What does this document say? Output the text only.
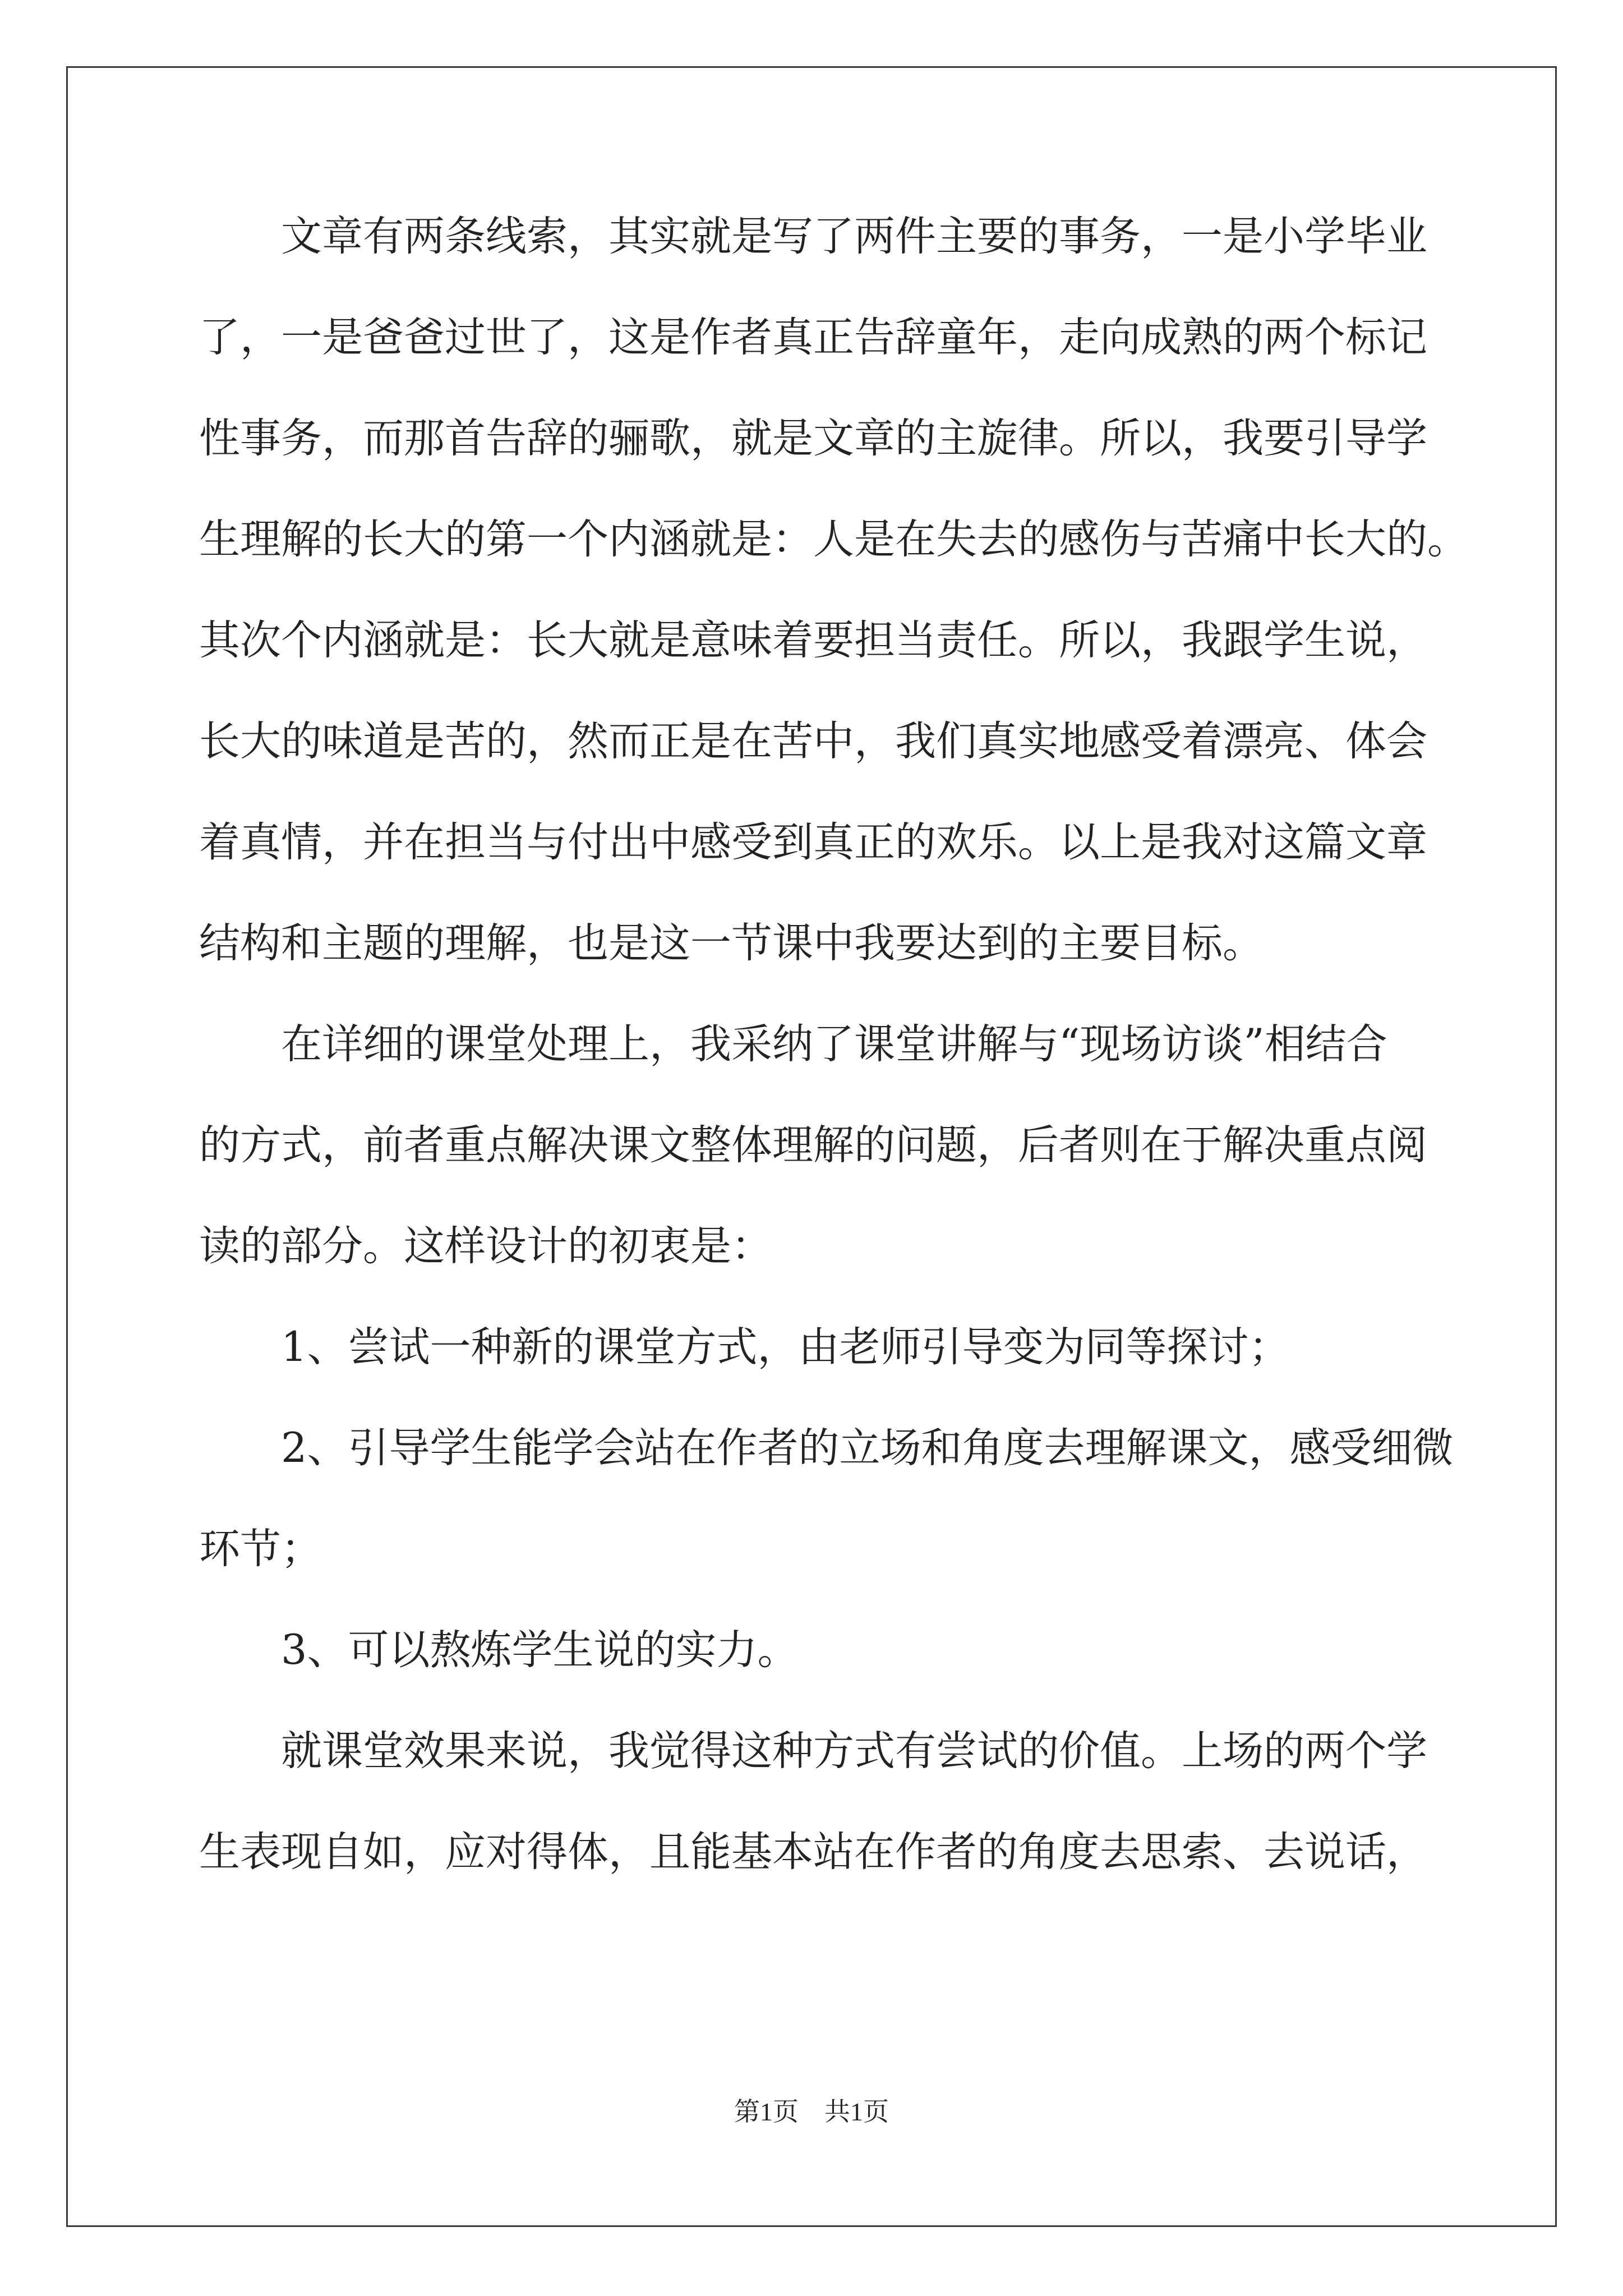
文章有两条线索，其实就是写了两件主要的事务，一是小学毕业
了，一是爸爸过世了，这是作者真正告辞童年，走向成熟的两个标记
性事务，而那首告辞的骊歌，就是文章的主旋律。所以，我要引导学
生理解的长大的第一个内涵就是：人是在失去的感伤与苦痛中长大的。
其次个内涵就是：长大就是意味着要担当责任。所以，我跟学生说，
长大的味道是苦的，然而正是在苦中，我们真实地感受着漂亮、体会
着真情，并在担当与付出中感受到真正的欢乐。以上是我对这篇文章
结构和主题的理解，也是这一节课中我要达到的主要目标。
在详细的课堂处理上，我采纳了课堂讲解与“现场访谈”相结合
的方式，前者重点解决课文整体理解的问题，后者则在于解决重点阅
读的部分。这样设计的初衷是：
1、尝试一种新的课堂方式，由老师引导变为同等探讨；
2、引导学生能学会站在作者的立场和角度去理解课文，感受细微
环节；
3、可以熬炼学生说的实力。
就课堂效果来说，我觉得这种方式有尝试的价值。上场的两个学
生表现自如，应对得体，且能基本站在作者的角度去思索、去说话，
第1页　共1页
